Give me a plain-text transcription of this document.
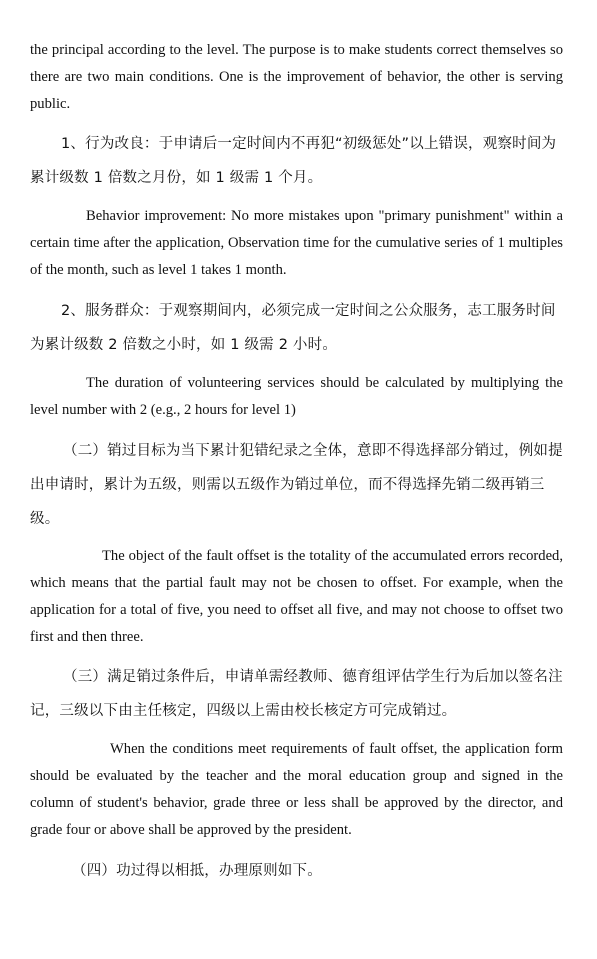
the principal according to the level. The purpose is to make students correct themselves so there are two main conditions. One is the improvement of behavior, the other is serving public.

1、行为改良：于申请后一定时间内不再犯“初级惩处”以上错误，观察时间为累计级数 1 倍数之月份，如 1 级需 1 个月。

Behavior improvement: No more mistakes upon "primary punishment" within a certain time after the application, Observation time for the cumulative series of 1 multiples of the month, such as level 1 takes 1 month.

2、服务群众：于观察期间内，必须完成一定时间之公众服务，志工服务时间为累计级数 2 倍数之小时，如 1 级需 2 小时。

The duration of volunteering services should be calculated by multiplying the level number with 2 (e.g., 2 hours for level 1)

（二）销过目标为当下累计犯错纪录之全体，意即不得选择部分销过，例如提出申请时，累计为五级，则需以五级作为销过单位，而不得选择先销二级再销三级。

The object of the fault offset is the totality of the accumulated errors recorded, which means that the partial fault may not be chosen to offset. For example, when the application for a total of five, you need to offset all five, and may not choose to offset two first and then three.

（三）满足销过条件后，申请单需经教师、德育组评估学生行为后加以签名注记，三级以下由主任核定，四级以上需由校长核定方可完成销过。

When the conditions meet requirements of fault offset, the application form should be evaluated by the teacher and the moral education group and signed in the column of student's behavior, grade three or less shall be approved by the director, and grade four or above shall be approved by the president.

（四）功过得以相抵，办理原则如下。
